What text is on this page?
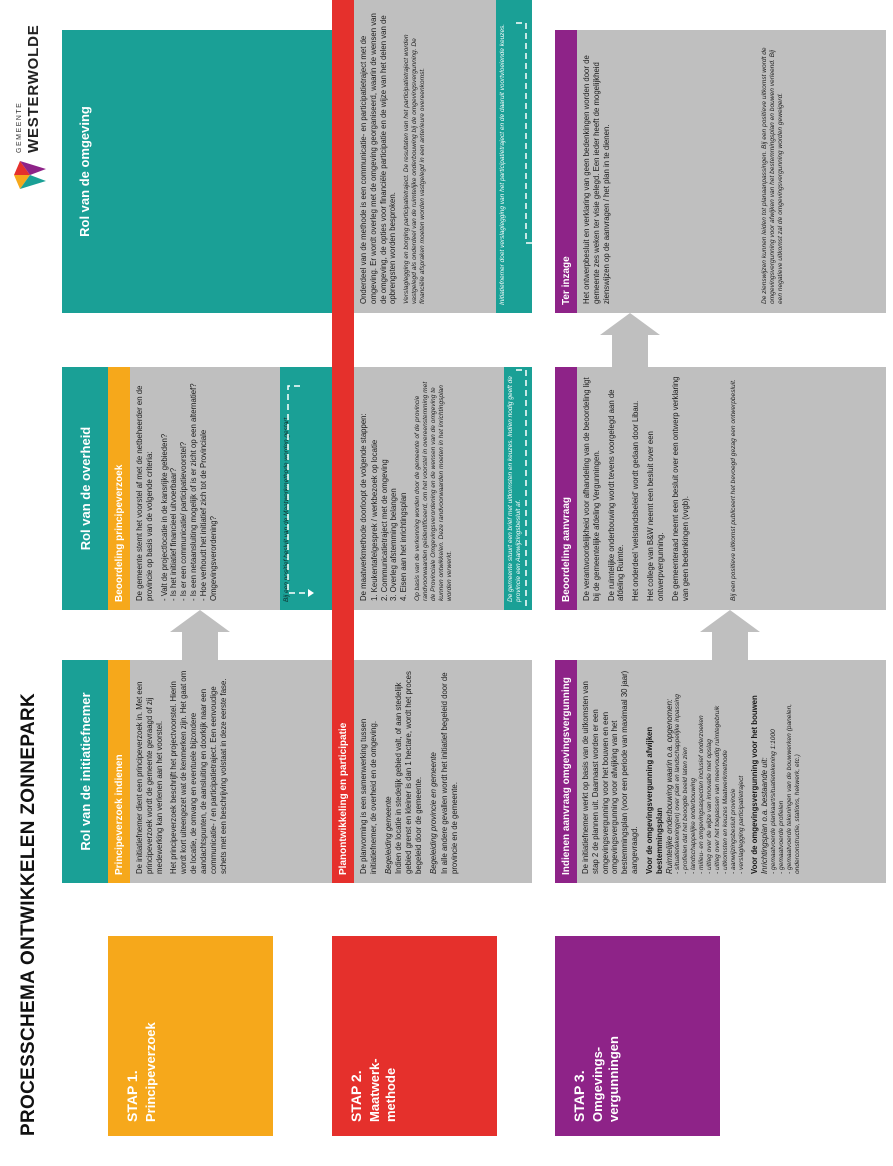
PROCESSCHEMA ONTWIKKELEN ZONNEPARK
GEMEENTE WESTERWOLDE
STAP 1. Principeverzoek	STAP 2. Maatwerk- methode	STAP 3. Omgevings- vergunningen
Rol van de initiatiefnemer
Rol van de overheid
Rol van de omgeving
Principeverzoek indienen	De initiatiefnemer dient een principeverzoek in. Met een principeverzoek wordt de gemeente gevraagd of zij medewerking kan verlenen aan het voorstel. Het principeverzoek beschrijft het projectvoorstel. Hierin wordt kort uiteengezet wat de kenmerken zijn. Het gaat om de locatie, de omvang en eventuele bijzondere aandachtspunten, de aansluiting en doorkijk naar een communicatie- / en participatietraject. Een eenvoudige schets met een beschrijving volstaat in deze eerste fase.

Beoordeling principeverzoek	De gemeente stemt het voorstel af met de netbeheerder en de provincie op basis van de volgende criteria: - Valt de projectlocatie in de kansrijke gebieden? - Is het initiatief financieel uitvoerbaar? - Is er een communicatie/ participatievoorstel? - Is een netaansluiting mogelijk of is er zicht op een alternatief? - Hoe verhoudt het initiatief zich tot de Provinciale Omgevingsverordening?	Bij een positief besluit van de Maatwerkmethode worden gestart.
Planontwikkeling en participatie	De planvorming is een samenwerking tussen initiatiefnemer, de overheid en de omgeving. Begeleiding gemeente Indien de locatie in stedelijk gebied valt, of aan stedelijk gebied grenst en kleiner is dan 1 hectare, wordt het proces begeleid door de gemeente. Begeleiding provincie en gemeente In alle andere gevallen wordt het initiatief begeleid door de provincie en de gemeente.

De maatwerkmethode doorloopt de volgende stappen: 1. Keukentafelgesprek / werkbezoek op locatie 2. Communicatietraject met de omgeving 3. Overleg afstemming belangen 4. Eisen aan het inrichtingsplan Op basis van de verkenning worden door de gemeente of de provincie randvoorwaarden geïdentificeerd, om het voorstel in overeenstemming met de Provinciale Omgevingsverordening en de wensen van de omgeving te kunnen ontwikkelen. Deze randvoorwaarden moeten in het inrichtingsplan worden verwerkt.	De gemeente stuurt een brief met uitkomsten en keuzes. Indien nodig geeft de provincie een Aanwijzingsbesluit af.

Onderdeel van de methode is een communicatie- en participatietraject met de omgeving. Er wordt overleg met de omgeving georganiseerd, waarin de wensen van de omgeving, de opties voor financiële participatie en de wijze van het delen van de opbrengsten worden besproken. Verslaglegging en borging participatietraject. De resultaten van het participatietraject worden vastgelegd als onderdeel van de ruimtelijke onderbouwing bij de omgevingsvergunning. De financiële afspraken moeten worden vastgelegd in een anterieure overeenkomst.	Initiatiefnemer doet verslaglegging van het participatietraject en de daaruit voortvloeiende keuzes.
Indienen aanvraag omgevingsvergunning	De initiatiefnemer werkt op basis van de uitkomsten van stap 2 de plannen uit. Daarnaast worden er een omgevingsvergunning voor het bouwen en een omgevingsvergunning voor afwijking van het bestemmingsplan (voor een periode van maximaal 30 jaar) aangevraagd. Voor de omgevingsvergunning afwijken bestemmingsplan Ruimtelijke onderbouwing waarin o.a. opgenomen: - situatietekening(en) over plan en landschappelijke inpassing - profielen dat het beoogde beeld laten zien - landschappelijke onderbouwing - milieu- en omgevingsaspecten inclusief onderzoeken - uitleg over de wijze van innovatie met opslag - uitleg over het toepassen van meervoudig ruimtegebruik - uitkomsten en keuzes Maatwerkmethode - aanwijzingsbesluit provincie - verslaglegging participatietraject Voor de omgevingsvergunning voor het bouwen Inrichtingsplan o.a. bestaande uit: - gemaatvoerde plankaart/situatietekening 1:1000 - gemaatvoerde profielen - gemaatvoerde tekeningen van de bouwwerken (panelen, onderconstructie, stations, hekwerk, etc.)
Beoordeling aanvraag	De verantwoordelijkheid voor afhandeling van de beoordeling ligt bij de gemeentelijke afdeling Vergunningen. De ruimtelijke onderbouwing wordt tevens voorgelegd aan de afdeling Ruimte. Het onderdeel 'welstandsbeleid' wordt gedaan door Libau. Het college van B&W neemt een besluit over een ontwerpvergunning. De gemeenteraad neemt een besluit over een ontwerp verklaring van geen bedenkingen (vvgb).	Bij een positieve uitkomst publiceert het bevoegd gezag een ontwerpbesluit.

Ter inzage	Het ontwerpbesluit en verklaring van geen bedenkingen worden door de gemeente zes weken ter visie gelegd. Een ieder heeft de mogelijkheid zienswijzen op de aanvragen / het plan in te dienen.	De zienswijzen kunnen leiden tot planaanpassingen. Bij een positieve uitkomst wordt de omgevingsvergunning voor afwijken van het bestemmingsplan en bouwen verleend. Bij een negatieve uitkomst zal de omgevingsvergunning worden geweigerd.
